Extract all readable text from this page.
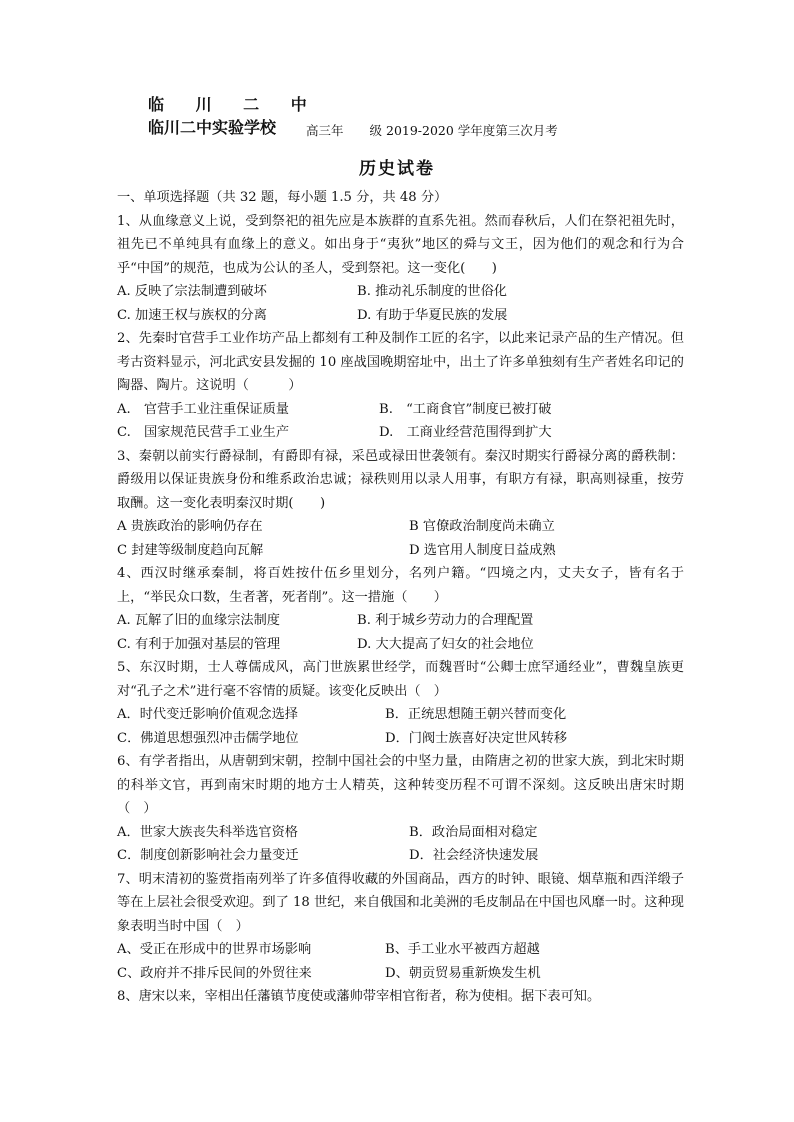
临 川 二 中
临川二中实验学校 高三年 级 2019-2020 学年度第三次月考
历史试卷

一、单项选择题（共 32 题，每小题 1.5 分，共 48 分）

1、从血缘意义上说，受到祭祀的祖先应是本族群的直系先祖。然而春秋后，人们在祭祀祖先时，祖先已不单纯具有血缘上的意义。如出身于“夷狄”地区的舜与文王，因为他们的观念和行为合乎“中国”的规范，也成为公认的圣人，受到祭祀。这一变化(　　)

A. 反映了宗法制遭到破坏	B. 推动礼乐制度的世俗化
C. 加速王权与族权的分离	D. 有助于华夏民族的发展

2、先秦时官营手工业作坊产品上都刻有工种及制作工匠的名字，以此来记录产品的生产情况。但考古资料显示，河北武安县发掘的 10 座战国晚期窑址中，出土了许多单独刻有生产者姓名印记的陶器、陶片。这说明（　　　）

A.　官营手工业注重保证质量	B.　“工商食官”制度已被打破
C.　国家规范民营手工业生产	D.　工商业经营范围得到扩大

3、秦朝以前实行爵禄制，有爵即有禄，采邑或禄田世袭领有。秦汉时期实行爵禄分离的爵秩制：爵级用以保证贵族身份和维系政治忠诚；禄秩则用以录人用事，有职方有禄，职高则禄重，按劳取酬。这一变化表明秦汉时期(　　)

A 贵族政治的影响仍存在	B 官僚政治制度尚未确立
C 封建等级制度趋向瓦解	D 选官用人制度日益成熟

4、西汉时继承秦制，将百姓按什伍乡里划分，名列户籍。“四境之内，丈夫女子，皆有名于上，“举民众口数，生者著，死者削”。这一措施（　　）

A. 瓦解了旧的血缘宗法制度	B. 利于城乡劳动力的合理配置
C. 有利于加强对基层的管理	D. 大大提高了妇女的社会地位

5、东汉时期，士人尊儒成风，高门世族累世经学，而魏晋时“公卿士庶罕通经业”，曹魏皇族更对“孔子之术”进行毫不容情的质疑。该变化反映出（　）

A．时代变迁影响价值观念选择	B．正统思想随王朝兴替而变化
C．佛道思想强烈冲击儒学地位	D．门阀士族喜好决定世风转移

6、有学者指出，从唐朝到宋朝，控制中国社会的中坚力量，由隋唐之初的世家大族，到北宋时期的科举文官，再到南宋时期的地方士人精英，这种转变历程不可谓不深刻。这反映出唐宋时期（　）

A．世家大族丧失科举选官资格	B．政治局面相对稳定
C．制度创新影响社会力量变迁	D．社会经济快速发展

7、明末清初的鉴赏指南列举了许多值得收藏的外国商品，西方的时钟、眼镜、烟草瓶和西洋缎子等在上层社会很受欢迎。到了 18 世纪，来自俄国和北美洲的毛皮制品在中国也风靡一时。这种现象表明当时中国（　）

A、受正在形成中的世界市场影响	B、手工业水平被西方超越
C、政府并不排斥民间的外贸往来	D、朝贡贸易重新焕发生机

8、唐宋以来，宰相出任藩镇节度使或藩帅带宰相官衔者，称为使相。据下表可知。
